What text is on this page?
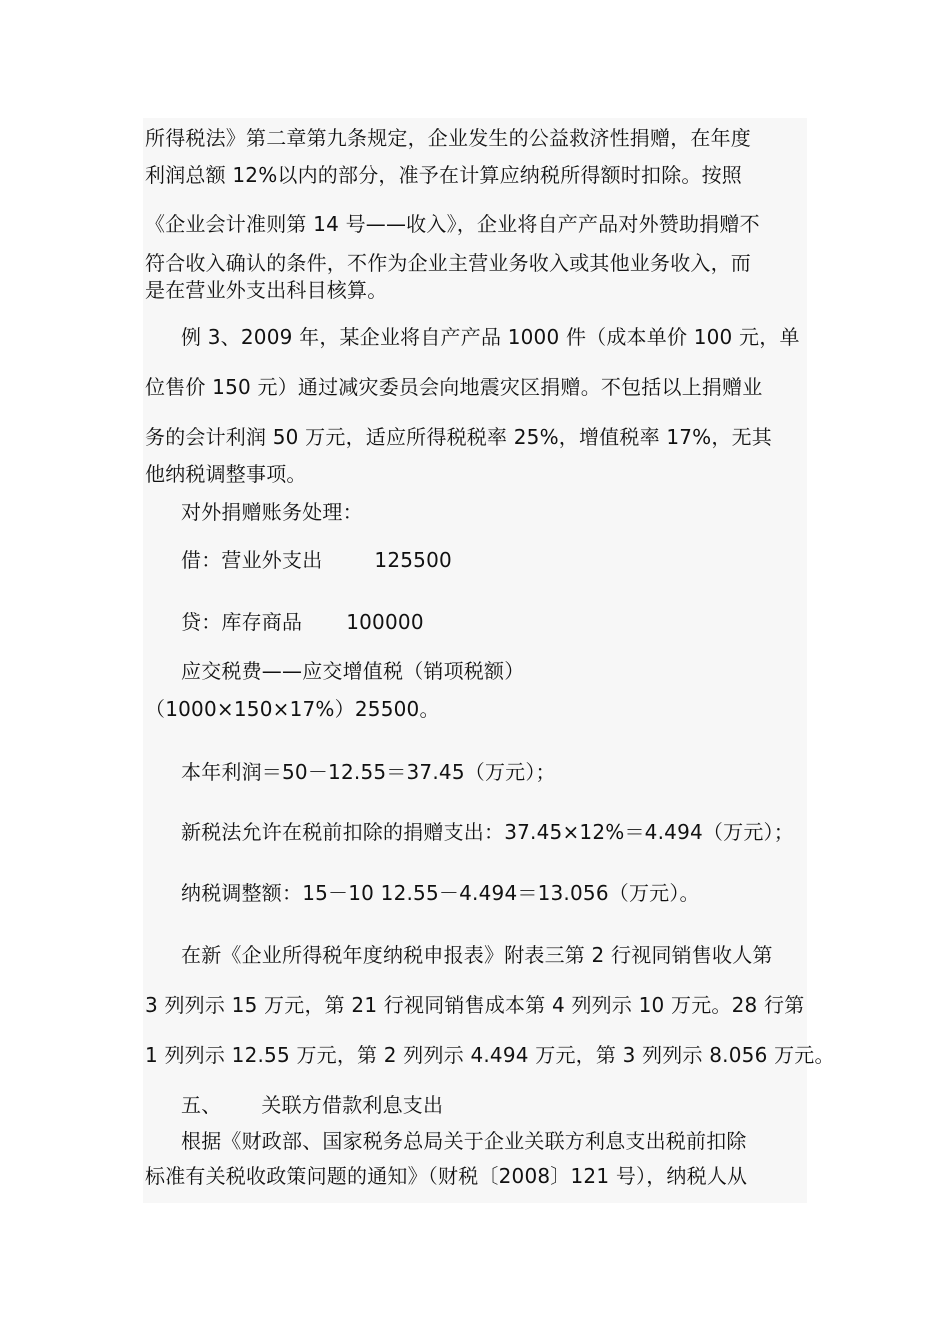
所得税法》第二章第九条规定，企业发生的公益救济性捐赠，在年度
利润总额 12%以内的部分，准予在计算应纳税所得额时扣除。按照
《企业会计准则第 14 号——收入》，企业将自产产品对外赞助捐赠不
符合收入确认的条件，不作为企业主营业务收入或其他业务收入，而
是在营业外支出科目核算。
例 3、2009 年，某企业将自产产品 1000 件（成本单价 100 元，单
位售价 150 元）通过减灾委员会向地震灾区捐赠。不包括以上捐赠业
务的会计利润 50 万元，适应所得税税率 25%，增值税率 17%，无其
他纳税调整事项。
对外捐赠账务处理：
借：营业外支出	125500
贷：库存商品 100000
应交税费——应交增值税（销项税额）
（1000×150×17%）25500。
本年利润＝50－12.55＝37.45（万元）；
新税法允许在税前扣除的捐赠支出：37.45×12%＝4.494（万元）；
纳税调整额：15－10 12.55－4.494＝13.056（万元）。
在新《企业所得税年度纳税申报表》附表三第 2 行视同销售收人第
3 列列示 15 万元，第 21 行视同销售成本第 4 列列示 10 万元。28 行第
1 列列示 12.55 万元，第 2 列列示 4.494 万元，第 3 列列示 8.056 万元。
五、 关联方借款利息支出
根据《财政部、国家税务总局关于企业关联方利息支出税前扣除
标准有关税收政策问题的通知》（财税〔2008〕121 号），纳税人从
